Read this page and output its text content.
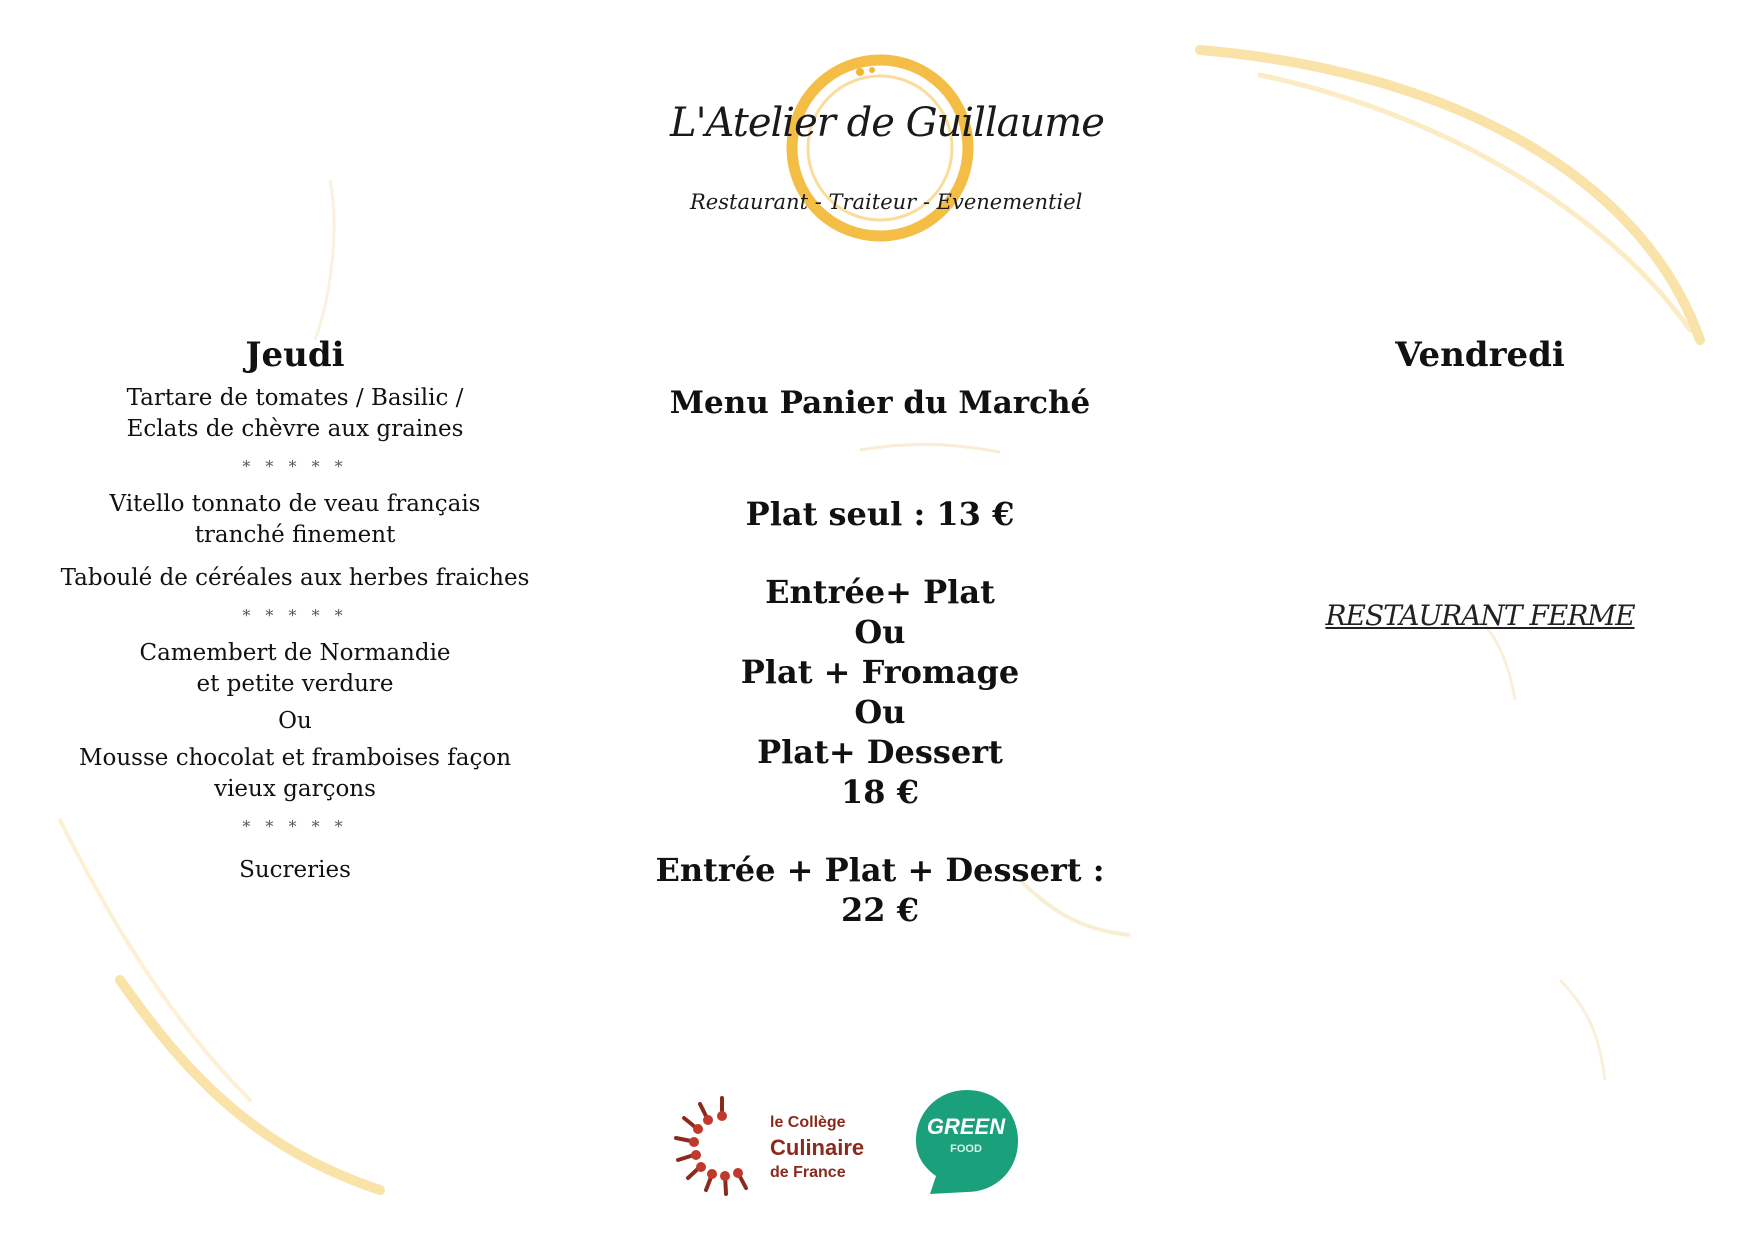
L'Atelier de Guillaume
Restaurant - Traiteur - Evenementiel

Jeudi

Tartare de tomates / Basilic /

Eclats de chèvre aux graines

* * * * *

Vitello tonnato de veau français

tranché finement

Taboulé de céréales aux herbes fraiches

* * * * *

Camembert de Normandie

et petite verdure

Ou

Mousse chocolat et framboises façon

vieux garçons

* * * * *

Sucreries

Menu Panier du Marché

Plat seul : 13 €

Entrée+ Plat

Ou

Plat + Fromage

Ou

Plat+ Dessert

18 €

Entrée + Plat + Dessert : 22 €

Vendredi

RESTAURANT FERME

le Collège
Culinaire
de France
GREEN
FOOD
